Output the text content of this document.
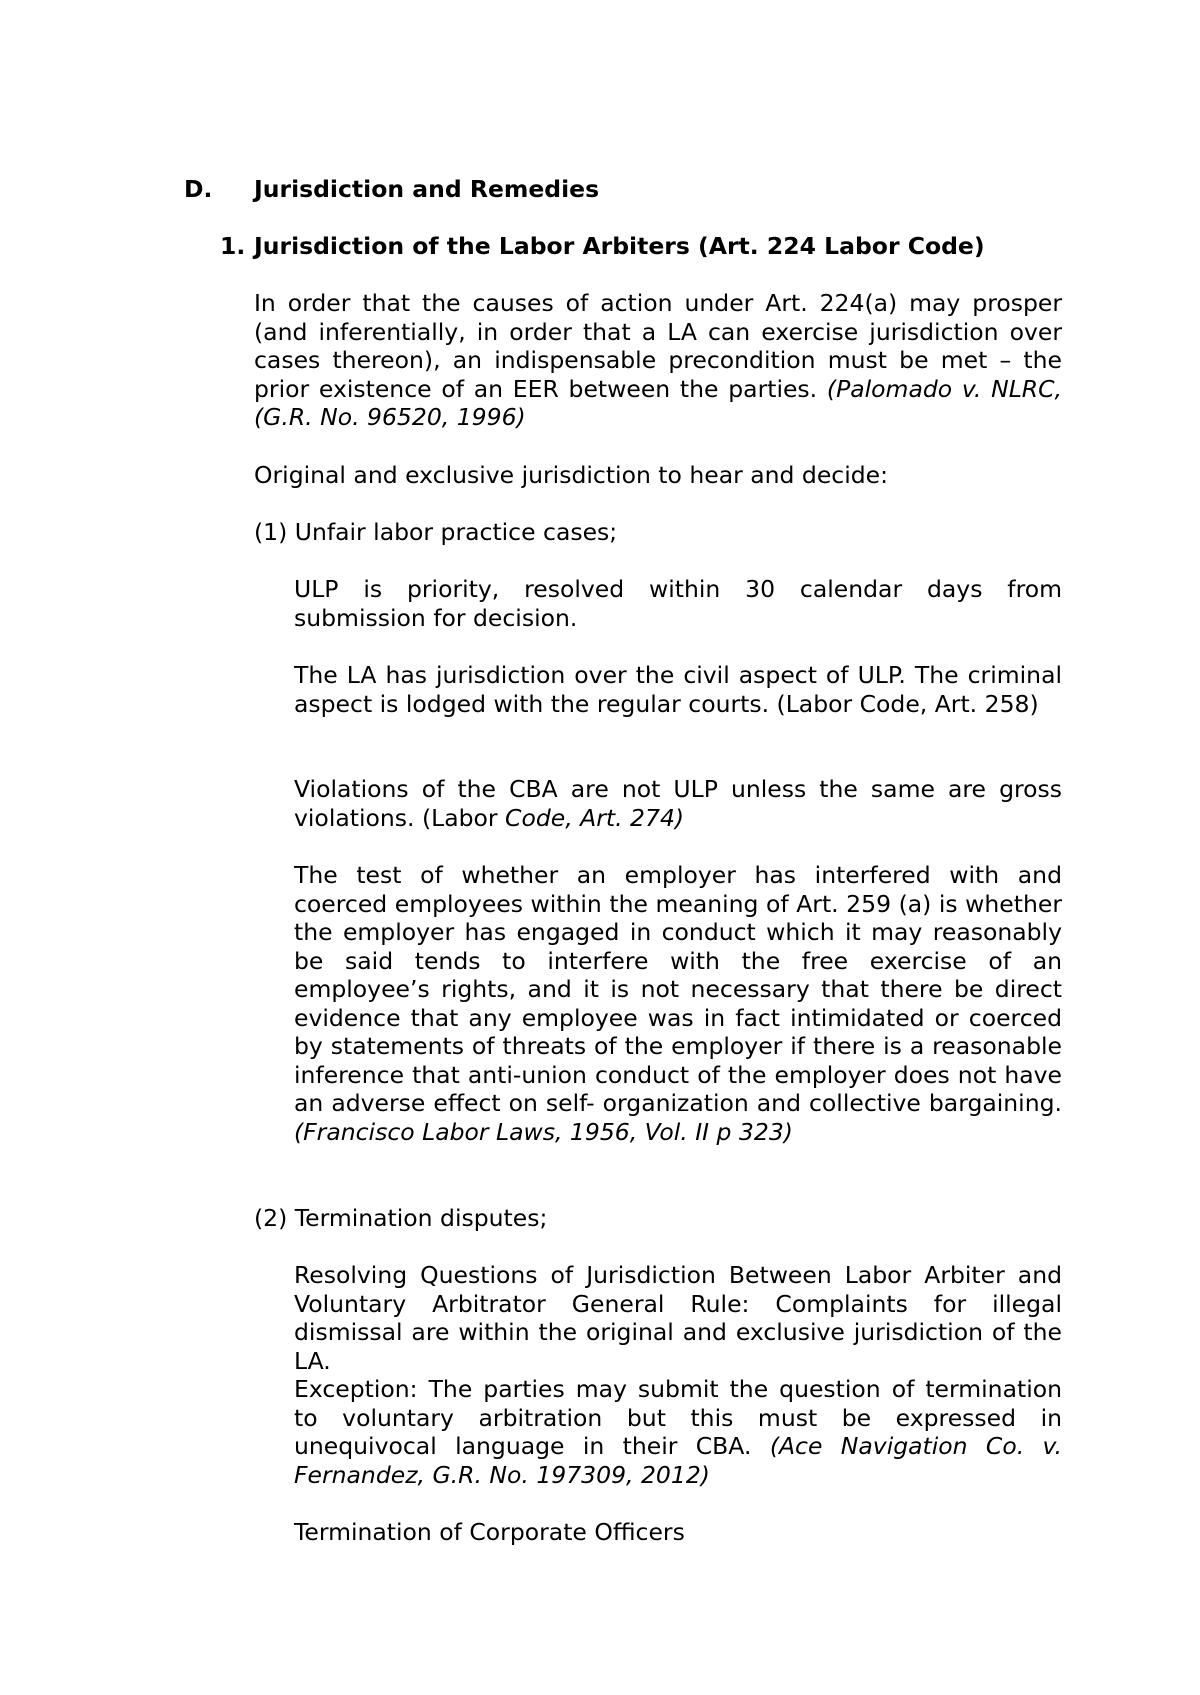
D. Jurisdiction and Remedies
1. Jurisdiction of the Labor Arbiters (Art. 224 Labor Code)

In order that the causes of action under Art. 224(a) may prosper (and inferentially, in order that a LA can exercise jurisdiction over cases thereon), an indispensable precondition must be met – the prior existence of an EER between the parties. (Palomado v. NLRC, (G.R. No. 96520, 1996)

Original and exclusive jurisdiction to hear and decide:

(1) Unfair labor practice cases;

ULP is priority, resolved within 30 calendar days from submission for decision.

The LA has jurisdiction over the civil aspect of ULP. The criminal aspect is lodged with the regular courts. (Labor Code, Art. 258)

Violations of the CBA are not ULP unless the same are gross violations. (Labor Code, Art. 274)

The test of whether an employer has interfered with and coerced employees within the meaning of Art. 259 (a) is whether the employer has engaged in conduct which it may reasonably be said tends to interfere with the free exercise of an employee’s rights, and it is not necessary that there be direct evidence that any employee was in fact intimidated or coerced by statements of threats of the employer if there is a reasonable inference that anti-union conduct of the employer does not have an adverse effect on self- organization and collective bargaining. (Francisco Labor Laws, 1956, Vol. II p 323)

(2) Termination disputes;

Resolving Questions of Jurisdiction Between Labor Arbiter and Voluntary Arbitrator General Rule: Complaints for illegal dismissal are within the original and exclusive jurisdiction of the LA.

Exception: The parties may submit the question of termination to voluntary arbitration but this must be expressed in unequivocal language in their CBA. (Ace Navigation Co. v. Fernandez, G.R. No. 197309, 2012)

Termination of Corporate Officers
